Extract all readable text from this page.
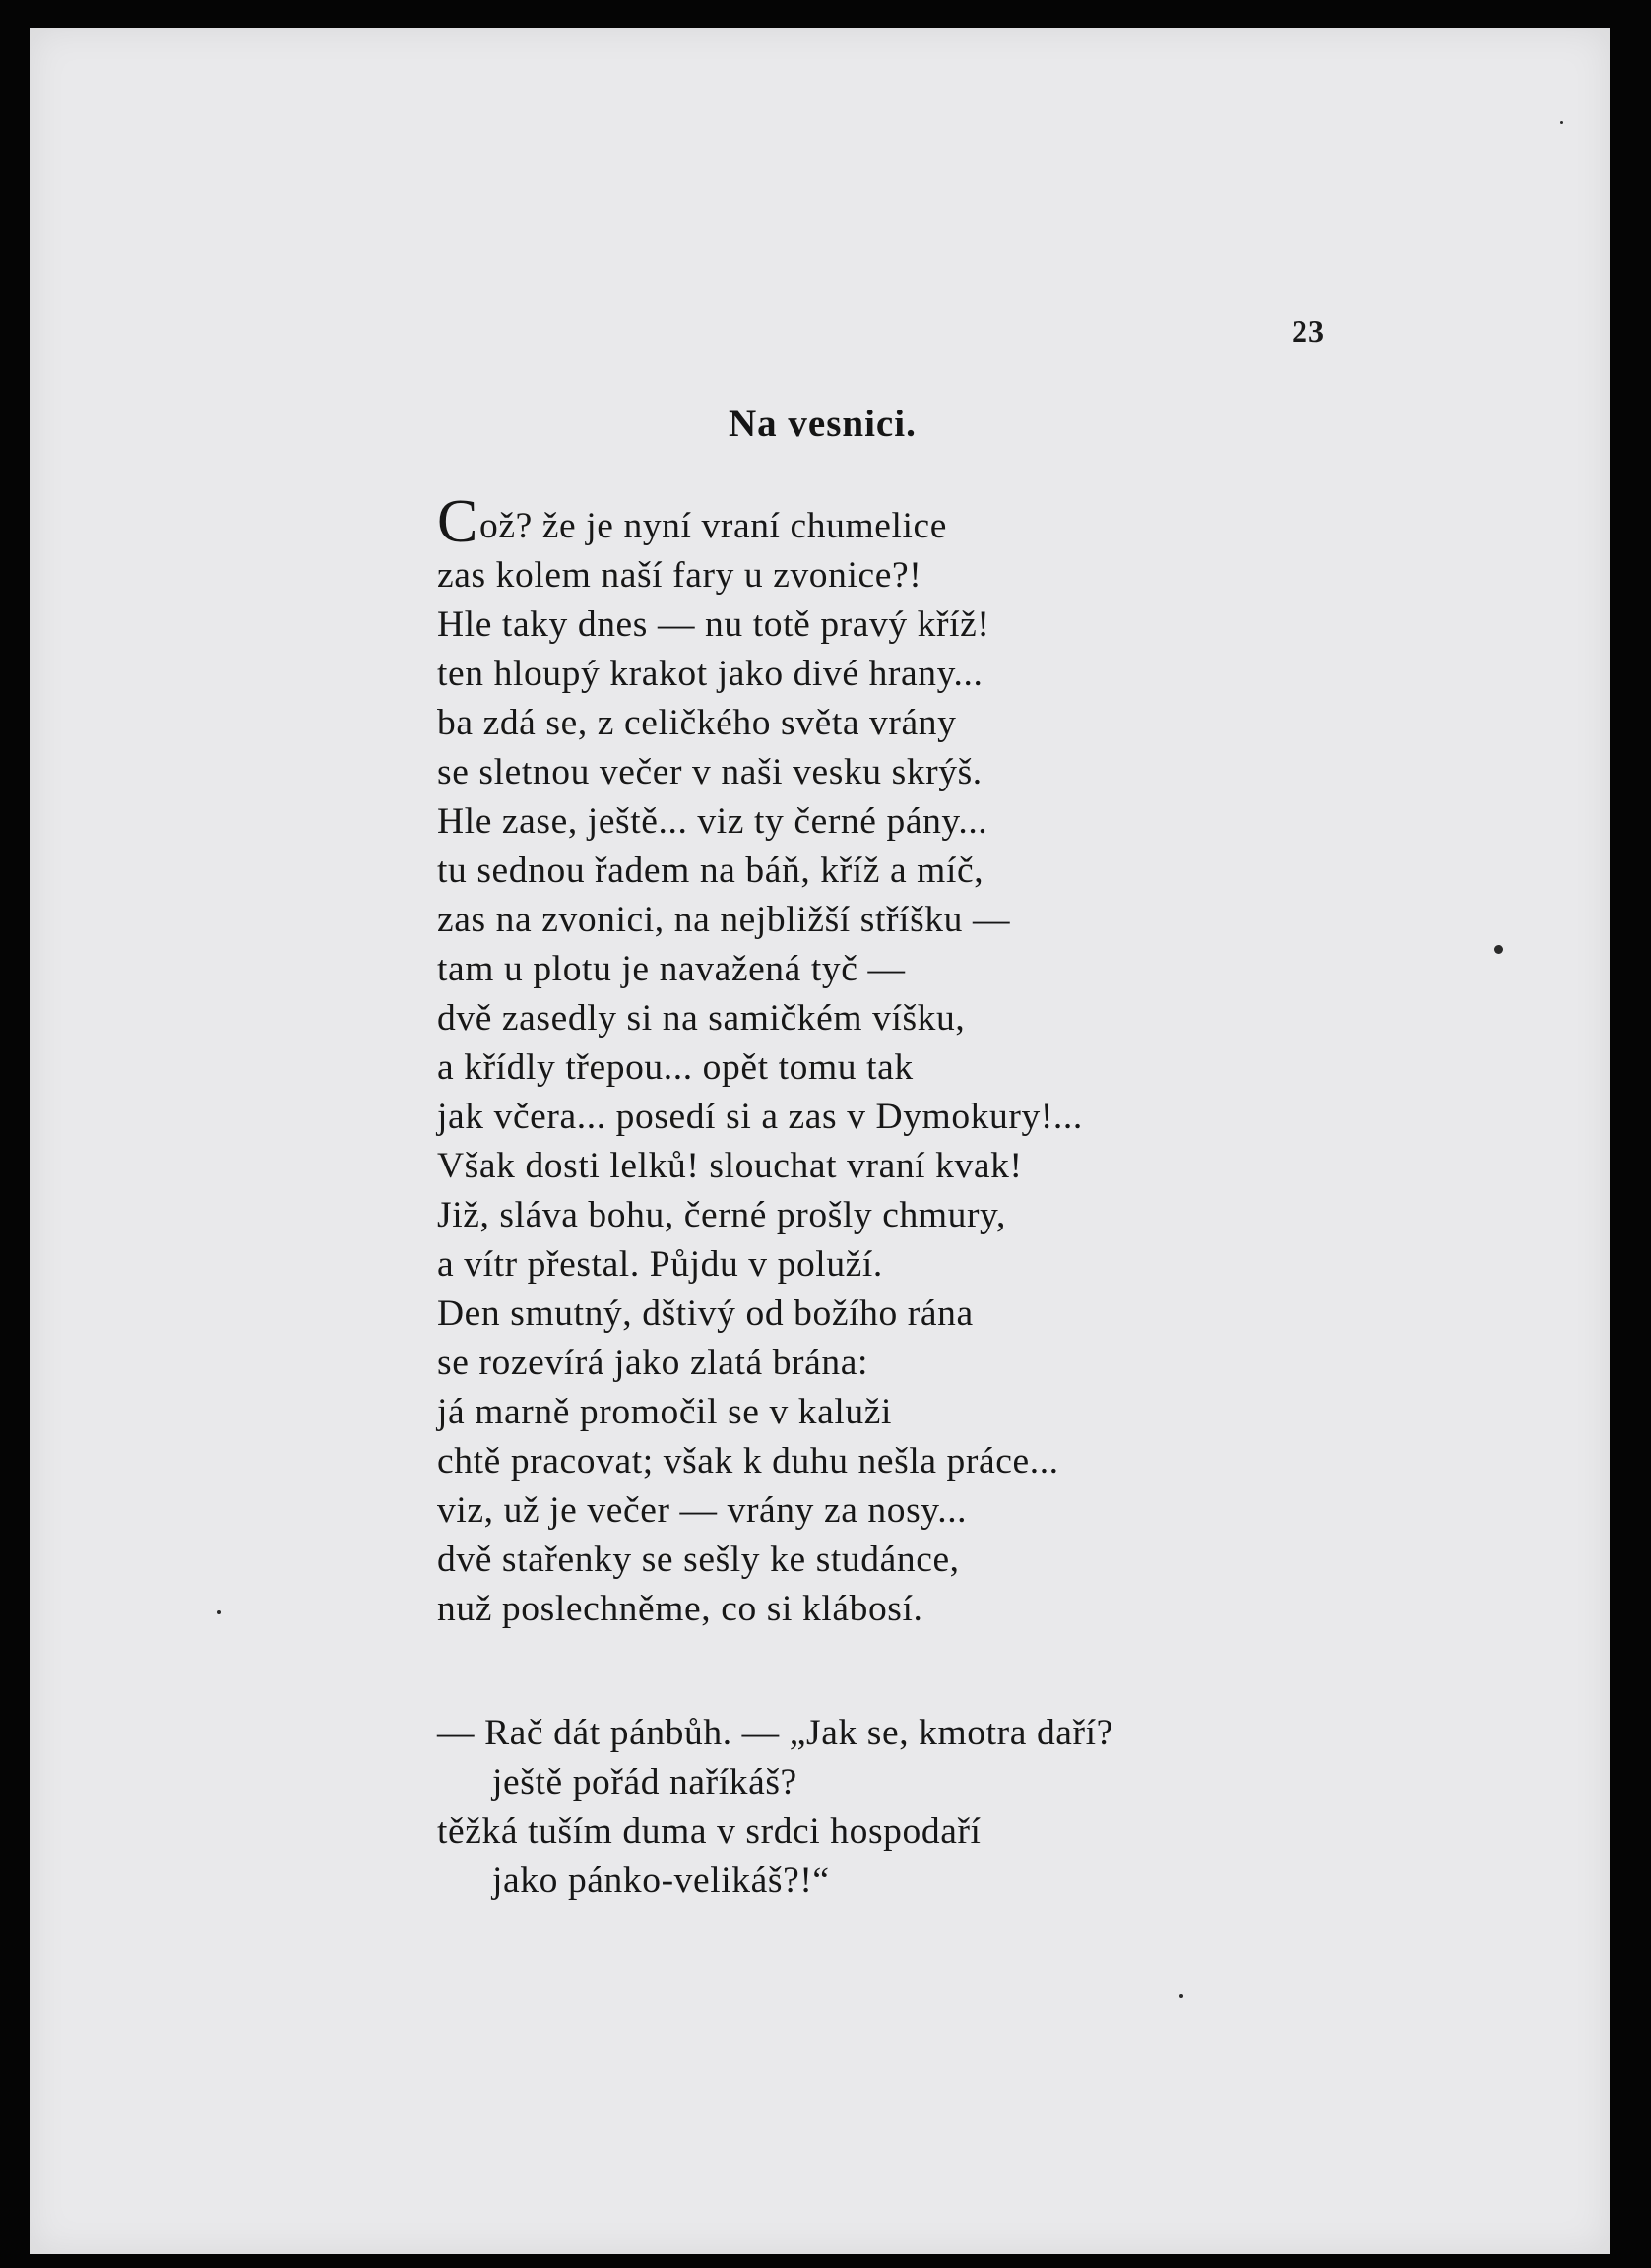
23
Na vesnici.
Což? že je nyní vraní chumelice
zas kolem naší fary u zvonice?!
Hle taky dnes — nu totě pravý kříž!
ten hloupý krakot jako divé hrany...
ba zdá se, z celičkého světa vrány
se sletnou večer v naši vesku skrýš.
Hle zase, ještě... viz ty černé pány...
tu sednou řadem na báň, kříž a míč,
zas na zvonici, na nejbližší stříšku —
tam u plotu je navažená tyč —
dvě zasedly si na samičkém víšku,
a křídly třepou... opět tomu tak
jak včera... posedí si a zas v Dymokury!...
Však dosti lelků! slouchat vraní kvak!
Již, sláva bohu, černé prošly chmury,
a vítr přestal. Půjdu v poluží.
Den smutný, dštivý od božího rána
se rozevírá jako zlatá brána:
já marně promočil se v kaluži
chtě pracovat; však k duhu nešla práce...
viz, už je večer — vrány za nosy...
dvě stařenky se sešly ke studánce,
nuž poslechněme, co si klábosí.
— Rač dát pánbůh. — „Jak se, kmotra daří?
ještě pořád naříkáš?
těžká tuším duma v srdci hospodaří
jako pánko-velikáš?!“
